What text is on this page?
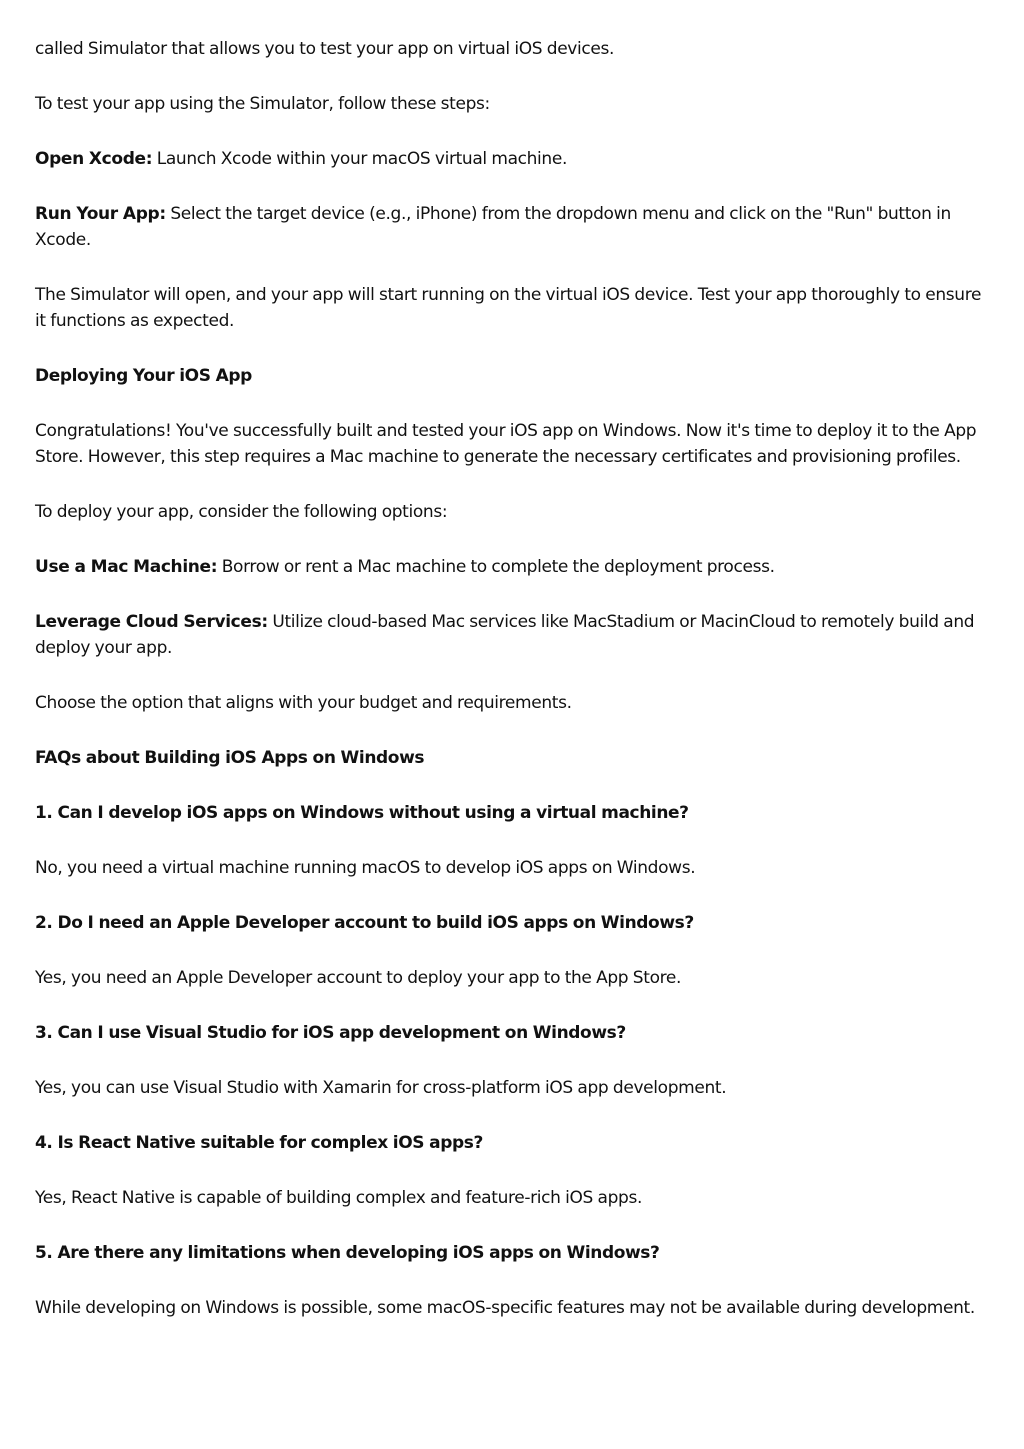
called Simulator that allows you to test your app on virtual iOS devices.

To test your app using the Simulator, follow these steps:

Open Xcode: Launch Xcode within your macOS virtual machine.

Run Your App: Select the target device (e.g., iPhone) from the dropdown menu and click on the "Run" button in Xcode.

The Simulator will open, and your app will start running on the virtual iOS device. Test your app thoroughly to ensure it functions as expected.

Deploying Your iOS App

Congratulations! You've successfully built and tested your iOS app on Windows. Now it's time to deploy it to the App Store. However, this step requires a Mac machine to generate the necessary certificates and provisioning profiles.

To deploy your app, consider the following options:

Use a Mac Machine: Borrow or rent a Mac machine to complete the deployment process.

Leverage Cloud Services: Utilize cloud-based Mac services like MacStadium or MacinCloud to remotely build and deploy your app.

Choose the option that aligns with your budget and requirements.

FAQs about Building iOS Apps on Windows

1. Can I develop iOS apps on Windows without using a virtual machine?

No, you need a virtual machine running macOS to develop iOS apps on Windows.

2. Do I need an Apple Developer account to build iOS apps on Windows?

Yes, you need an Apple Developer account to deploy your app to the App Store.

3. Can I use Visual Studio for iOS app development on Windows?

Yes, you can use Visual Studio with Xamarin for cross-platform iOS app development.

4. Is React Native suitable for complex iOS apps?

Yes, React Native is capable of building complex and feature-rich iOS apps.

5. Are there any limitations when developing iOS apps on Windows?

While developing on Windows is possible, some macOS-specific features may not be available during development.
